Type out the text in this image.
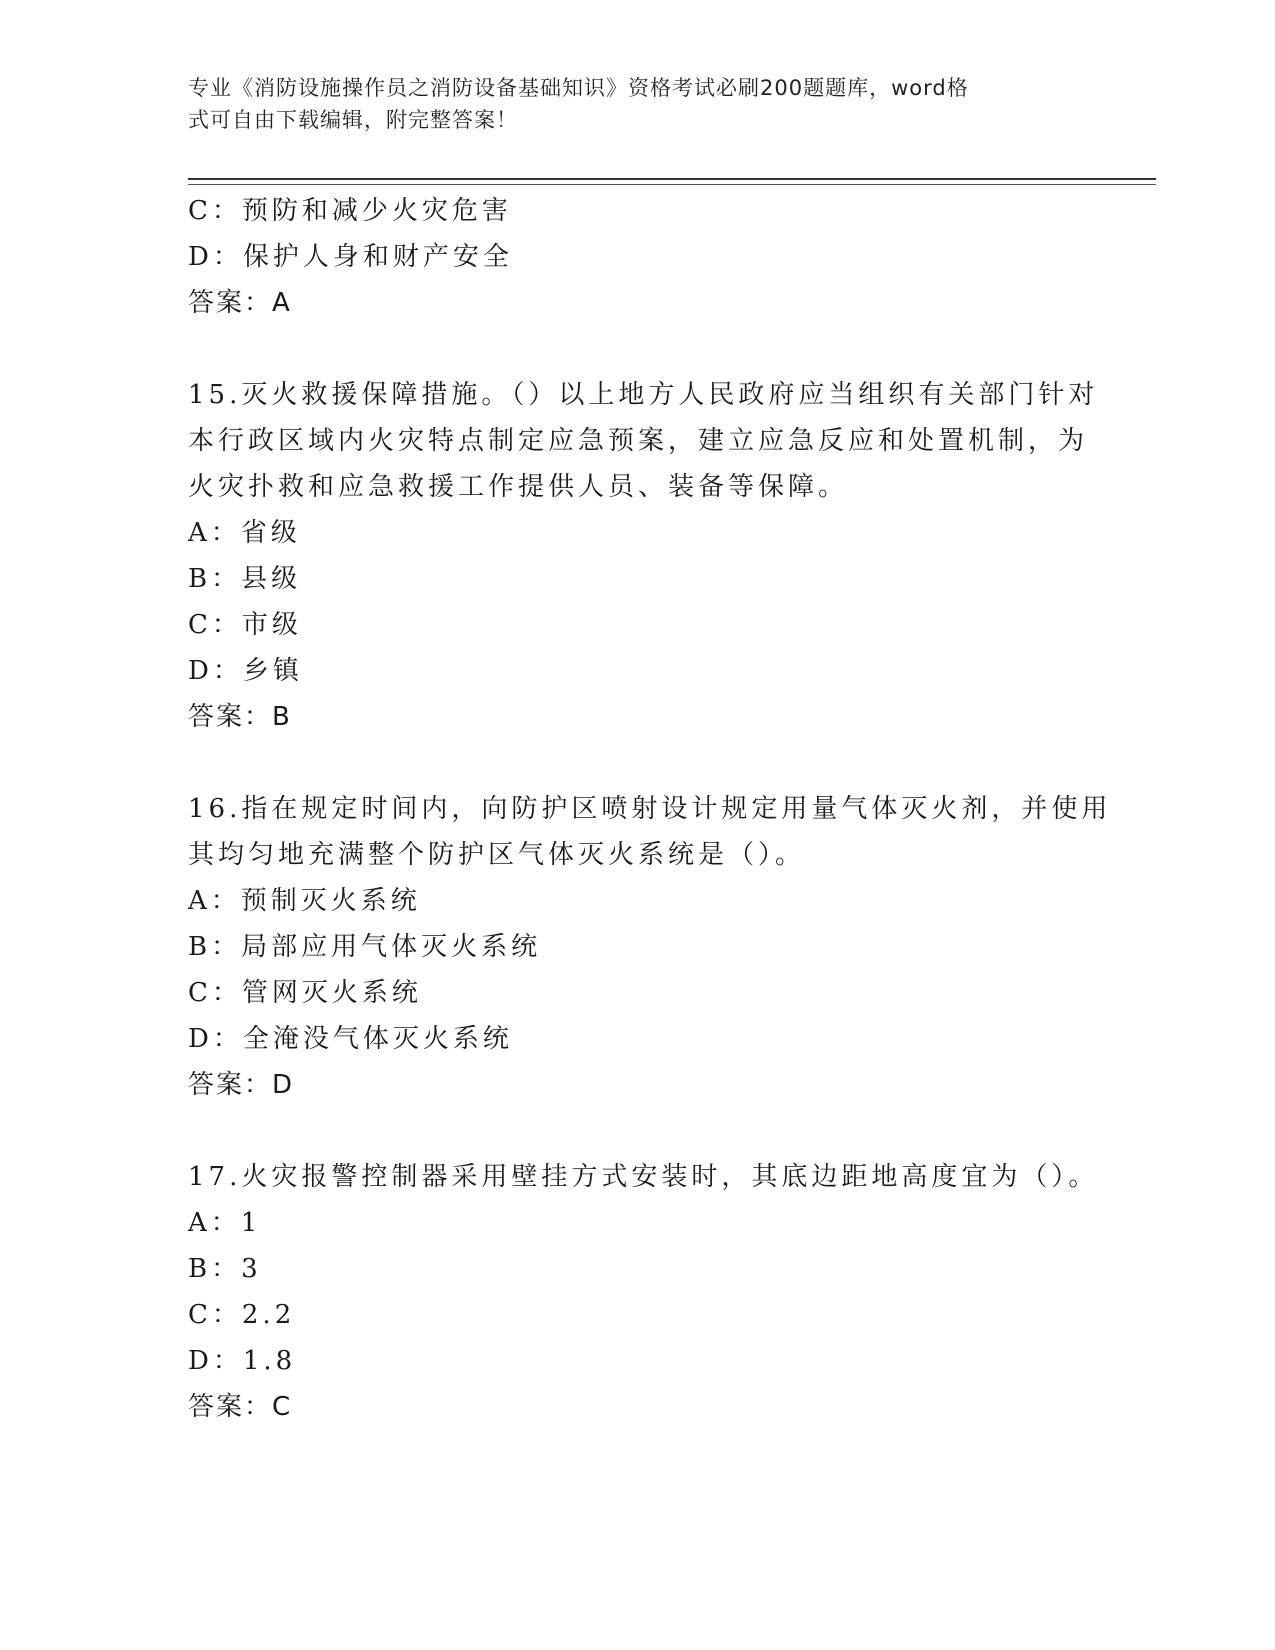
专业《消防设施操作员之消防设备基础知识》资格考试必刷200题题库，word格
式可自由下载编辑，附完整答案！
C：预防和减少火灾危害
D：保护人身和财产安全
答案：A
15.灭火救援保障措施。（）以上地方人民政府应当组织有关部门针对
本行政区域内火灾特点制定应急预案，建立应急反应和处置机制，为
火灾扑救和应急救援工作提供人员、装备等保障。
A：省级
B：县级
C：市级
D：乡镇
答案：B
16.指在规定时间内，向防护区喷射设计规定用量气体灭火剂，并使用
其均匀地充满整个防护区气体灭火系统是（）。
A：预制灭火系统
B：局部应用气体灭火系统
C：管网灭火系统
D：全淹没气体灭火系统
答案：D
17.火灾报警控制器采用壁挂方式安装时，其底边距地高度宜为（）。
A：1
B：3
C：2.2
D：1.8
答案：C
